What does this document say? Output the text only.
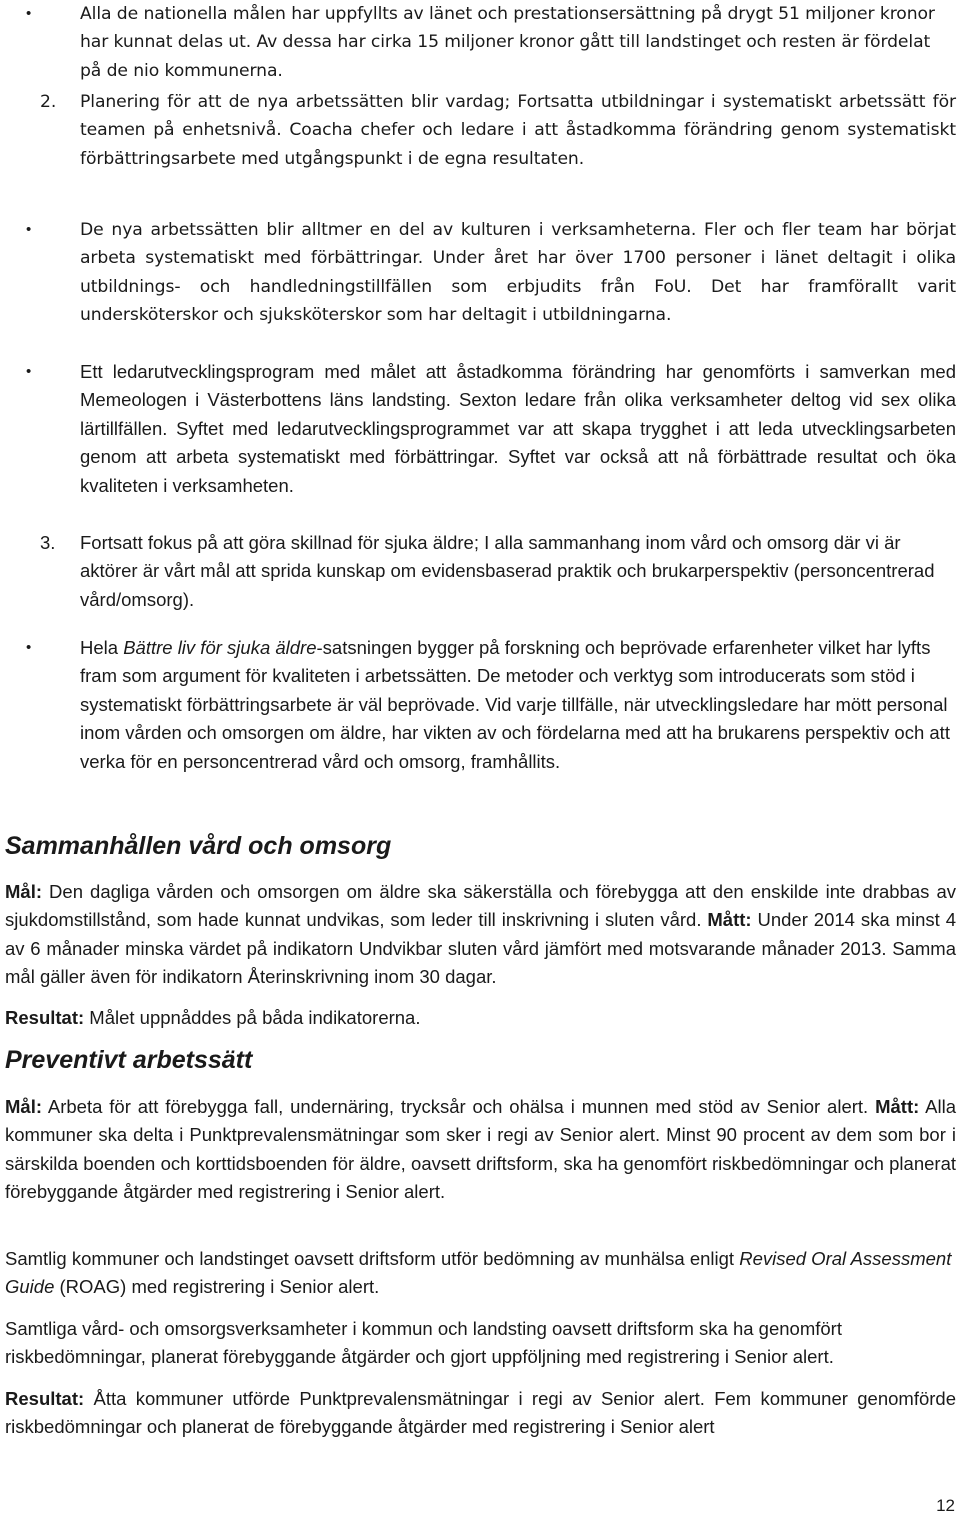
•	Alla de nationella målen har uppfyllts av länet och prestationsersättning på drygt 51 miljoner kronor har kunnat delas ut. Av dessa har cirka 15 miljoner kronor gått till landstinget och resten är fördelat på de nio kommunerna.

2.	Planering för att de nya arbetssätten blir vardag; Fortsatta utbildningar i systematiskt arbetssätt för teamen på enhetsnivå. Coacha chefer och ledare i att åstadkomma förändring genom systematiskt förbättringsarbete med utgångspunkt i de egna resultaten.

•	De nya arbetssätten blir alltmer en del av kulturen i verksamheterna. Fler och fler team har börjat arbeta systematiskt med förbättringar. Under året har över 1700 personer i länet deltagit i olika utbildnings- och handledningstillfällen som erbjudits från FoU. Det har framförallt varit undersköterskor och sjuksköterskor som har deltagit i utbildningarna.

•	Ett ledarutvecklingsprogram med målet att åstadkomma förändring har genomförts i samverkan med Memeologen i Västerbottens läns landsting. Sexton ledare från olika verksamheter deltog vid sex olika lärtillfällen. Syftet med ledarutvecklingsprogrammet var att skapa trygghet i att leda utvecklingsarbeten genom att arbeta systematiskt med förbättringar. Syftet var också att nå förbättrade resultat och öka kvaliteten i verksamheten.

3.	Fortsatt fokus på att göra skillnad för sjuka äldre; I alla sammanhang inom vård och omsorg där vi är aktörer är vårt mål att sprida kunskap om evidensbaserad praktik och brukarperspektiv (personcentrerad vård/omsorg).

•	Hela Bättre liv för sjuka äldre-satsningen bygger på forskning och beprövade erfarenheter vilket har lyfts fram som argument för kvaliteten i arbetssätten. De metoder och verktyg som introducerats som stöd i systematiskt förbättringsarbete är väl beprövade. Vid varje tillfälle, när utvecklingsledare har mött personal inom vården och omsorgen om äldre, har vikten av och fördelarna med att ha brukarens perspektiv och att verka för en personcentrerad vård och omsorg, framhållits.

Sammanhållen vård och omsorg

Mål: Den dagliga vården och omsorgen om äldre ska säkerställa och förebygga att den enskilde inte drabbas av sjukdomstillstånd, som hade kunnat undvikas, som leder till inskrivning i sluten vård. Mått: Under 2014 ska minst 4 av 6 månader minska värdet på indikatorn Undvikbar sluten vård jämfört med motsvarande månader 2013. Samma mål gäller även för indikatorn Återinskrivning inom 30 dagar.

Resultat: Målet uppnåddes på båda indikatorerna.

Preventivt arbetssätt

Mål: Arbeta för att förebygga fall, undernäring, trycksår och ohälsa i munnen med stöd av Senior alert. Mått: Alla kommuner ska delta i Punktprevalensmätningar som sker i regi av Senior alert. Minst 90 procent av dem som bor i särskilda boenden och korttidsboenden för äldre, oavsett driftsform, ska ha genomfört riskbedömningar och planerat förebyggande åtgärder med registrering i Senior alert.

Samtlig kommuner och landstinget oavsett driftsform utför bedömning av munhälsa enligt Revised Oral Assessment Guide (ROAG) med registrering i Senior alert.

Samtliga vård- och omsorgsverksamheter i kommun och landsting oavsett driftsform ska ha genomfört riskbedömningar, planerat förebyggande åtgärder och gjort uppföljning med registrering i Senior alert.

Resultat: Åtta kommuner utförde Punktprevalensmätningar i regi av Senior alert. Fem kommuner genomförde riskbedömningar och planerat de förebyggande åtgärder med registrering i Senior alert

12
